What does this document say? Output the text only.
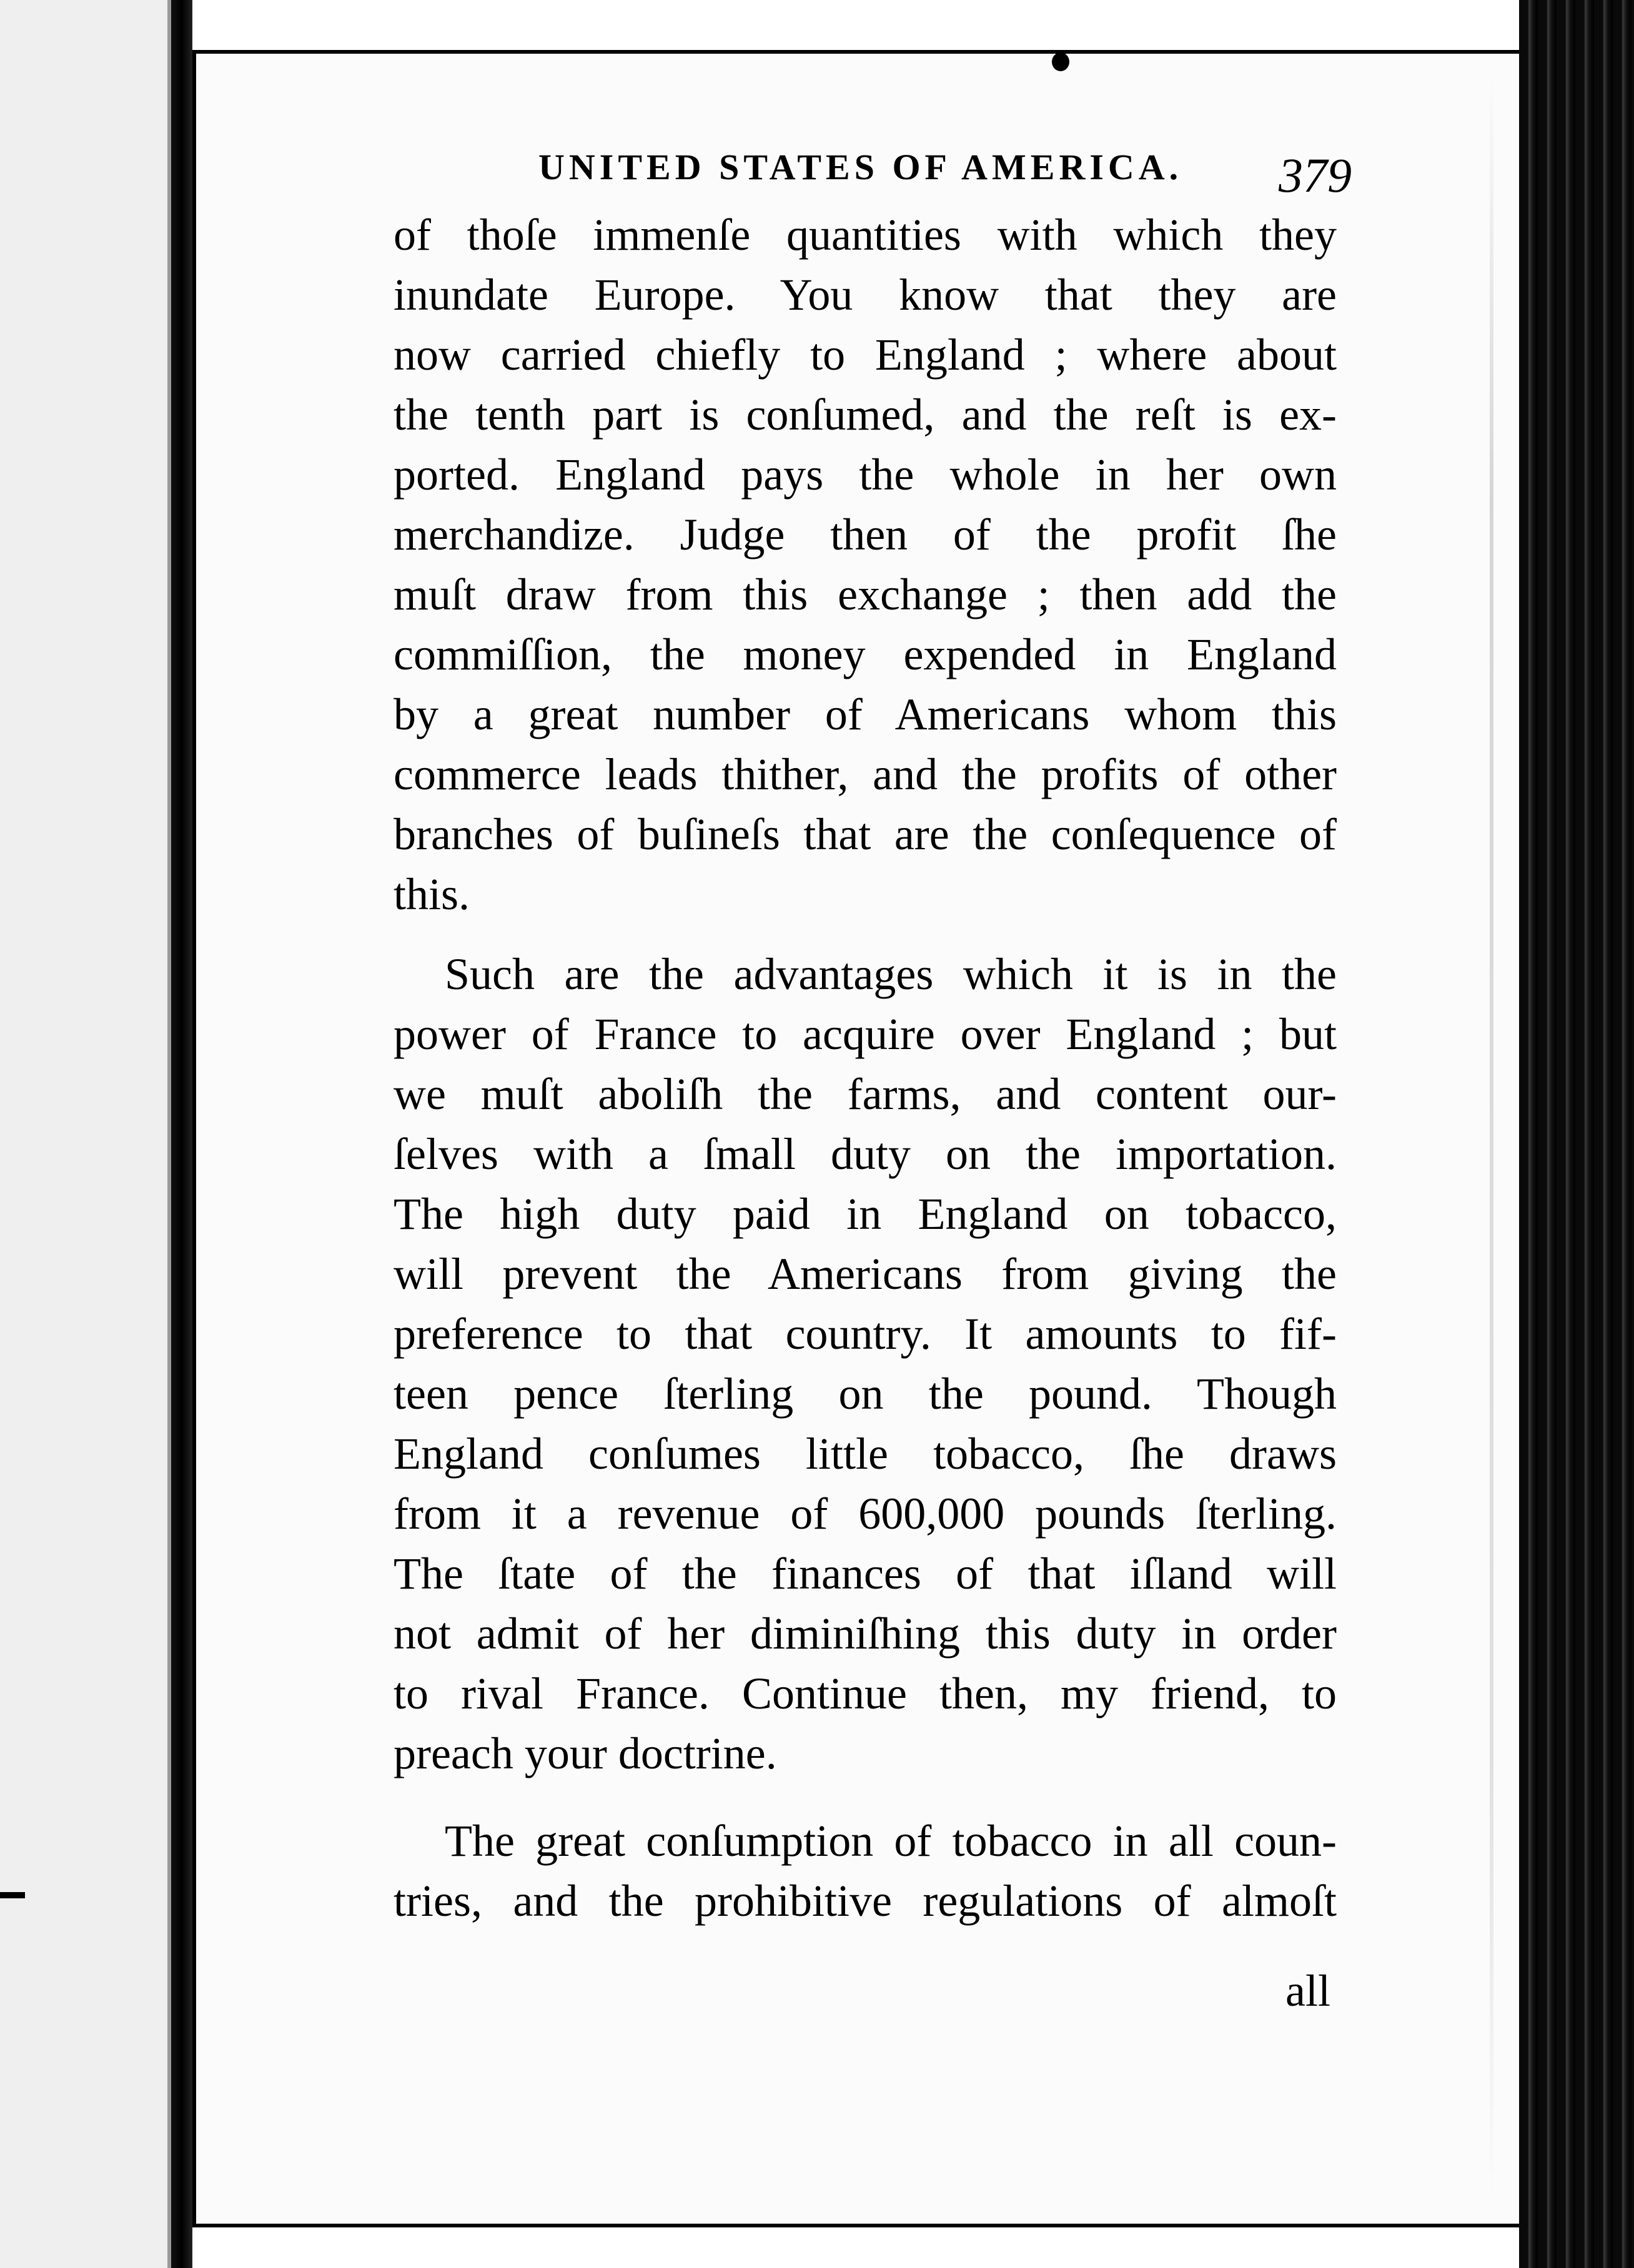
UNITED STATES OF AMERICA.	379
of thoſe immenſe quantities with which they
inundate Europe. You know that they are
now carried chiefly to England ; where about
the tenth part is conſumed, and the reſt is ex-
ported. England pays the whole in her own
merchandize. Judge then of the profit ſhe
muſt draw from this exchange ; then add the
commiſſion, the money expended in England
by a great number of Americans whom this
commerce leads thither, and the profits of other
branches of buſineſs that are the conſequence of
this.
Such are the advantages which it is in the
power of France to acquire over England ; but
we muſt aboliſh the farms, and content our-
ſelves with a ſmall duty on the importation.
The high duty paid in England on tobacco,
will prevent the Americans from giving the
preference to that country. It amounts to fif-
teen pence ſterling on the pound. Though
England conſumes little tobacco, ſhe draws
from it a revenue of 600,000 pounds ſterling.
The ſtate of the finances of that iſland will
not admit of her diminiſhing this duty in order
to rival France. Continue then, my friend, to
preach your doctrine.
The great conſumption of tobacco in all coun-
tries, and the prohibitive regulations of almoſt
all
